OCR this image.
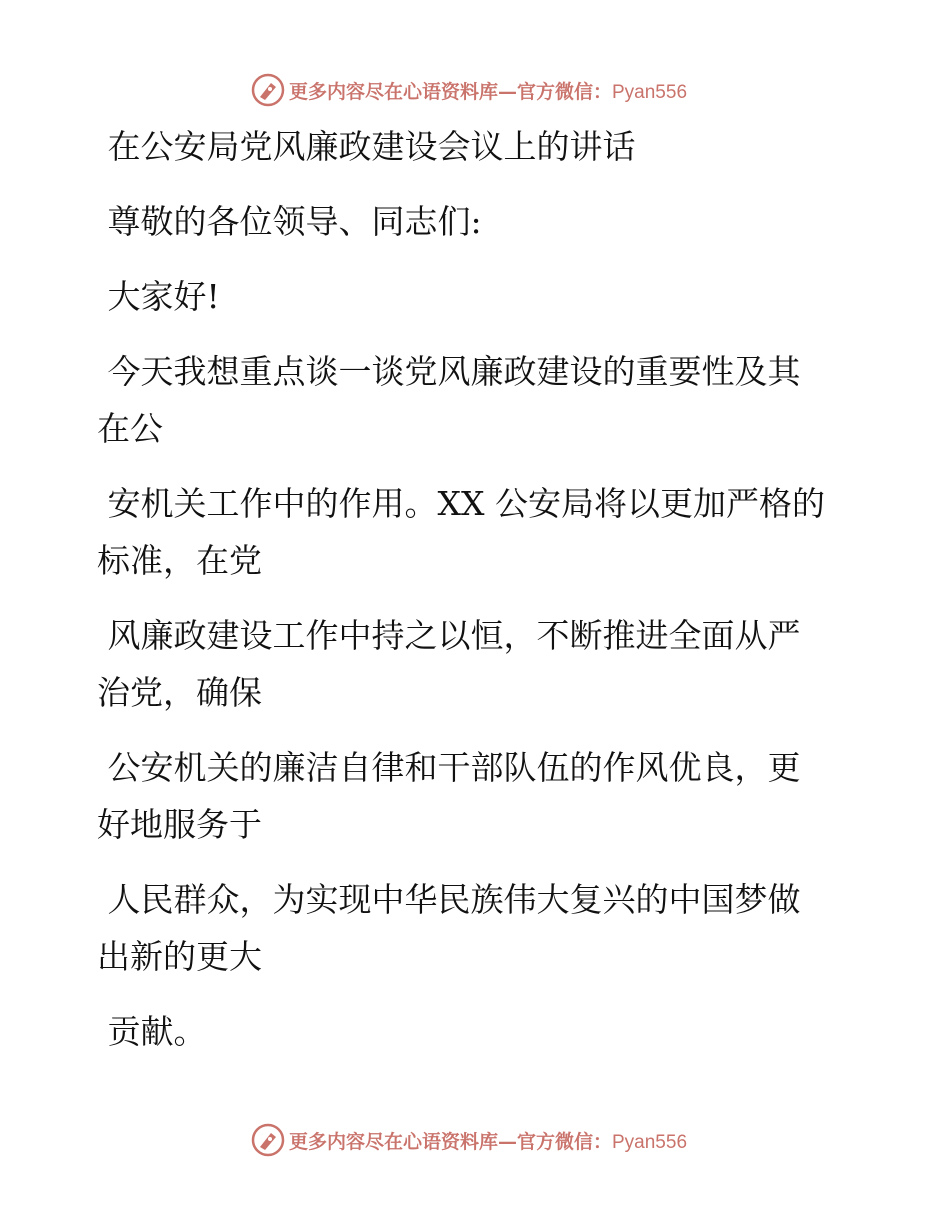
更多内容尽在心语资料库—官方微信：Pyan556

在公安局党风廉政建设会议上的讲话

尊敬的各位领导、同志们:

大家好!

今天我想重点谈一谈党风廉政建设的重要性及其

在公

安机关工作中的作用。XX 公安局将以更加严格的

标准，在党

风廉政建设工作中持之以恒，不断推进全面从严

治党，确保

公安机关的廉洁自律和干部队伍的作风优良，更

好地服务于

人民群众，为实现中华民族伟大复兴的中国梦做

出新的更大

贡献。

更多内容尽在心语资料库—官方微信：Pyan556
